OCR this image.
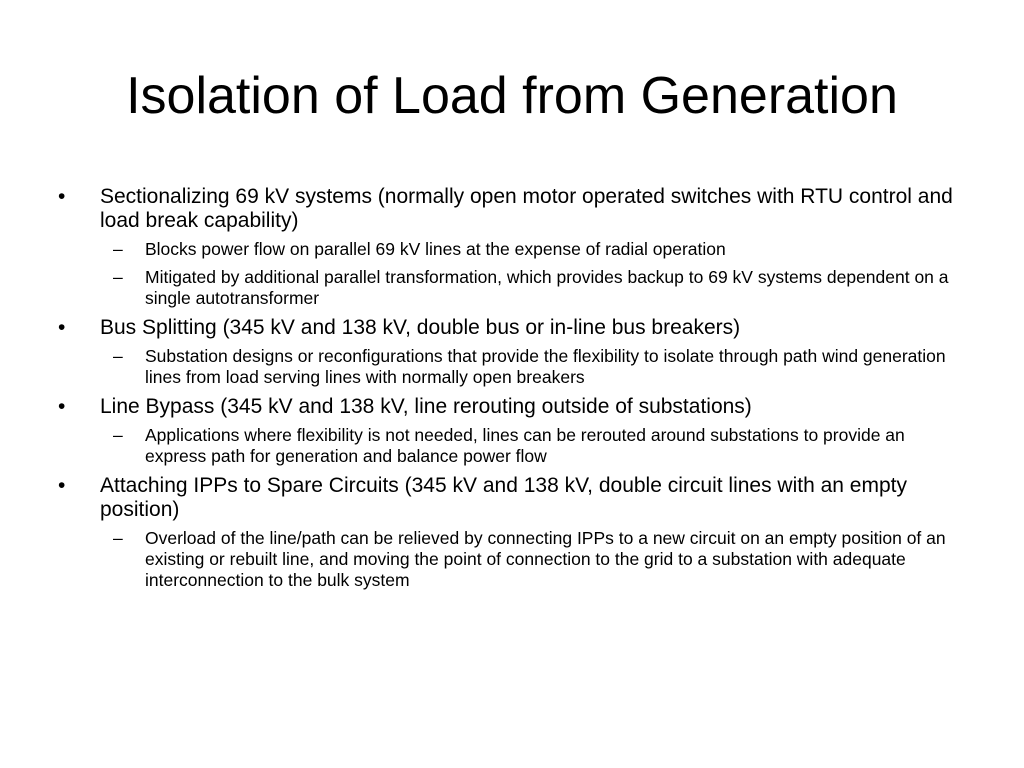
Isolation of Load from Generation
• Sectionalizing 69 kV systems (normally open motor operated switches with RTU control and load break capability)
– Blocks power flow on parallel 69 kV lines at the expense of radial operation
– Mitigated by additional parallel transformation, which provides backup to 69 kV systems dependent on a single autotransformer
• Bus Splitting (345 kV and 138 kV, double bus or in-line bus breakers)
– Substation designs or reconfigurations that provide the flexibility to isolate through path wind generation lines from load serving lines with normally open breakers
• Line Bypass (345 kV and 138 kV, line rerouting outside of substations)
– Applications where flexibility is not needed, lines can be rerouted around substations to provide an express path for generation and balance power flow
• Attaching IPPs to Spare Circuits (345 kV and 138 kV, double circuit lines with an empty position)
– Overload of the line/path can be relieved by connecting IPPs to a new circuit on an empty position of an existing or rebuilt line, and moving the point of connection to the grid to a substation with adequate interconnection to the bulk system
